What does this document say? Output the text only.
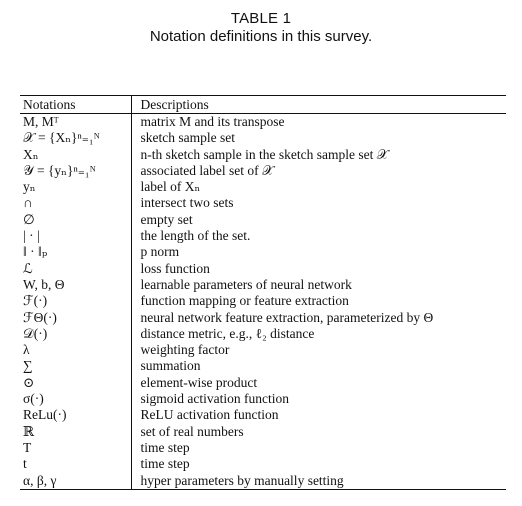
TABLE 1
Notation definitions in this survey.
Notations	Descriptions
M, Mᵀ	matrix M and its transpose
𝒳 = {Xₙ}ⁿ₌₁ᴺ	sketch sample set
Xₙ	n-th sketch sample in the sketch sample set 𝒳
𝒴 = {yₙ}ⁿ₌₁ᴺ	associated label set of 𝒳
yₙ	label of Xₙ
∩	intersect two sets
∅	empty set
| · |	the length of the set.
‖ · ‖ₚ	p norm
ℒ	loss function
W, b, Θ	learnable parameters of neural network
ℱ(·)	function mapping or feature extraction
ℱΘ(·)	neural network feature extraction, parameterized by Θ
𝒟(·)	distance metric, e.g., ℓ₂ distance
λ	weighting factor
∑	summation
⊙	element-wise product
σ(·)	sigmoid activation function
ReLu(·)	ReLU activation function
ℝ	set of real numbers
T	time step
t	time step
α, β, γ	hyper parameters by manually setting
